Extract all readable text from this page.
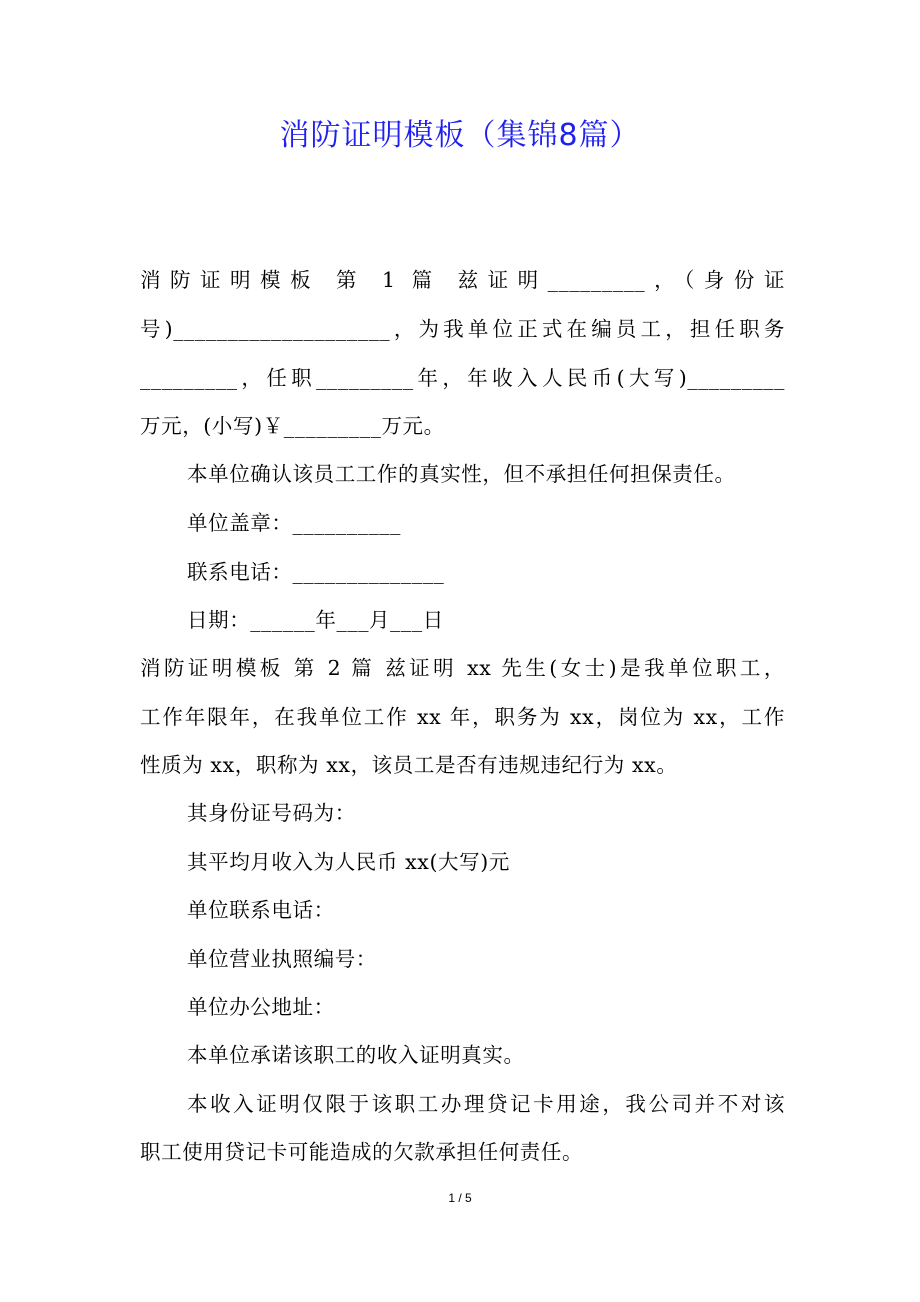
消防证明模板（集锦8篇）
消防证明模板 第 1 篇 兹证明_________，（身份证
号)____________________，为我单位正式在编员工，担任职务
_________，任职_________年，年收入人民币(大写)_________
万元，(小写)￥_________万元。
本单位确认该员工工作的真实性，但不承担任何担保责任。
单位盖章：__________
联系电话：______________
日期：______年___月___日
消防证明模板 第 2 篇 兹证明 xx 先生(女士)是我单位职工，
工作年限年，在我单位工作 xx 年，职务为 xx，岗位为 xx，工作
性质为 xx，职称为 xx，该员工是否有违规违纪行为 xx。
其身份证号码为：
其平均月收入为人民币 xx(大写)元
单位联系电话：
单位营业执照编号：
单位办公地址：
本单位承诺该职工的收入证明真实。
本收入证明仅限于该职工办理贷记卡用途，我公司并不对该
职工使用贷记卡可能造成的欠款承担任何责任。
1 / 5
